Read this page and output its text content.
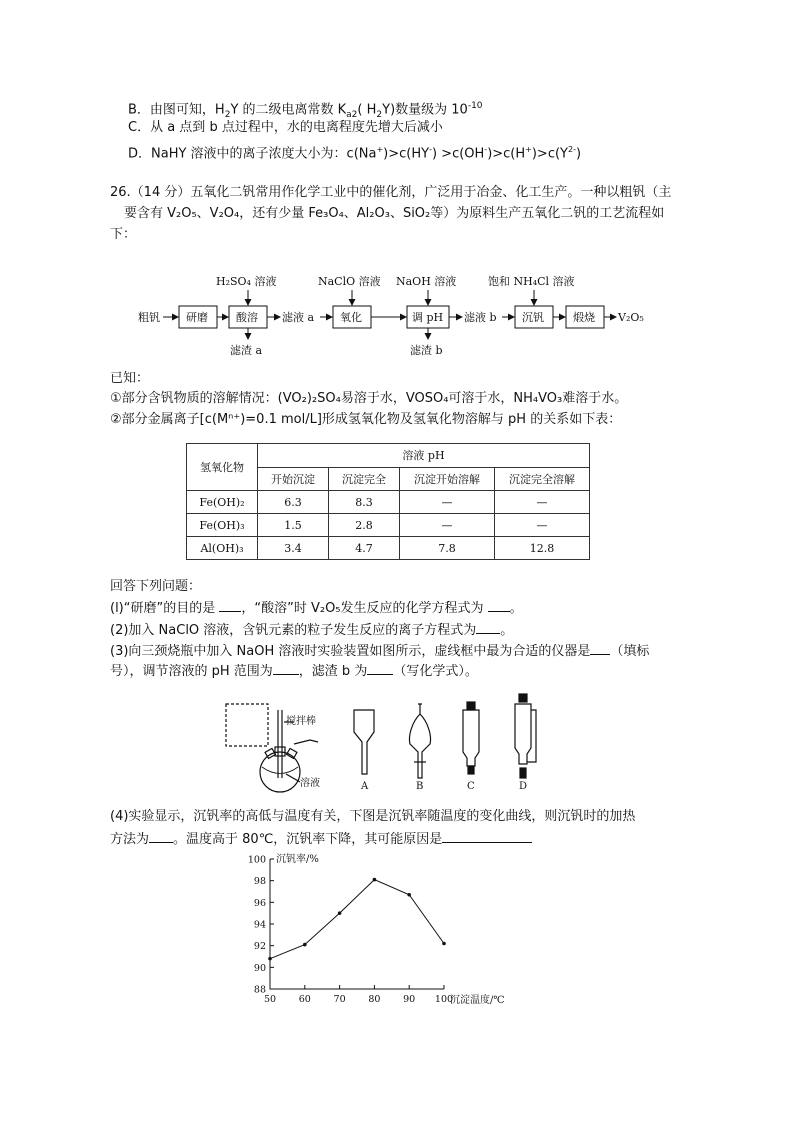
B．由图可知，$H_2Y$ 的二级电离常数 $K_{a2}$( $H_2Y$)数量级为 $10^{-10}$
C．从 a 点到 b 点过程中，水的电离程度先增大后减小
D．NaHY 溶液中的离子浓度大小为：$c(Na^+)>c(HY^-) >c(OH^-)>c(H^+)>c(Y^{2-})$
26.（14 分）五氧化二钒常用作化学工业中的催化剂，广泛用于冶金、化工生产。一种以粗钒（主
要含有 V₂O₅、V₂O₄，还有少量 Fe₃O₄、Al₂O₃、SiO₂等）为原料生产五氧化二钒的工艺流程如
下：
粗钒 研磨	酸溶 滤液 a 氧化	调 pH 滤液 b 沉钒	煅烧 V₂O₅
H₂SO₄ 溶液	NaClO 溶液 NaOH 溶液	饱和 NH₄Cl 溶液
滤渣 a	滤渣 b
已知：
①部分含钒物质的溶解情况：(VO₂)₂SO₄易溶于水，VOSO₄可溶于水，NH₄VO₃难溶于水。
②部分金属离子[c(Mⁿ⁺)=0.1 mol/L]形成氢氧化物及氢氧化物溶解与 pH 的关系如下表：
氢氧化物	溶液 pH			
	开始沉淀	沉淀完全	沉淀开始溶解	沉淀完全溶解
Fe(OH)₂	6.3	8.3	—	—
Fe(OH)₃	1.5	2.8	—	—
Al(OH)₃	3.4	4.7	7.8	12.8
回答下列问题：
(l)“研磨”的目的是 ，“酸溶”时 V₂O₅发生反应的化学方程式为 。
(2)加入 NaClO 溶液，含钒元素的粒子发生反应的离子方程式为 。
(3)向三颈烧瓶中加入 NaOH 溶液时实验装置如图所示，虚线框中最为合适的仪器是 （填标
号），调节溶液的 pH 范围为 ，滤渣 b 为 （写化学式）。
搅拌棒
溶液	A	B	C	D
(4)实验显示，沉钒率的高低与温度有关，下图是沉钒率随温度的变化曲线，则沉钒时的加热
方法为 。温度高于 80℃，沉钒率下降，其可能原因是
88
90
92
94
96
98
100
50 60 70 80 90 100
沉钒率/%
沉淀温度/℃
